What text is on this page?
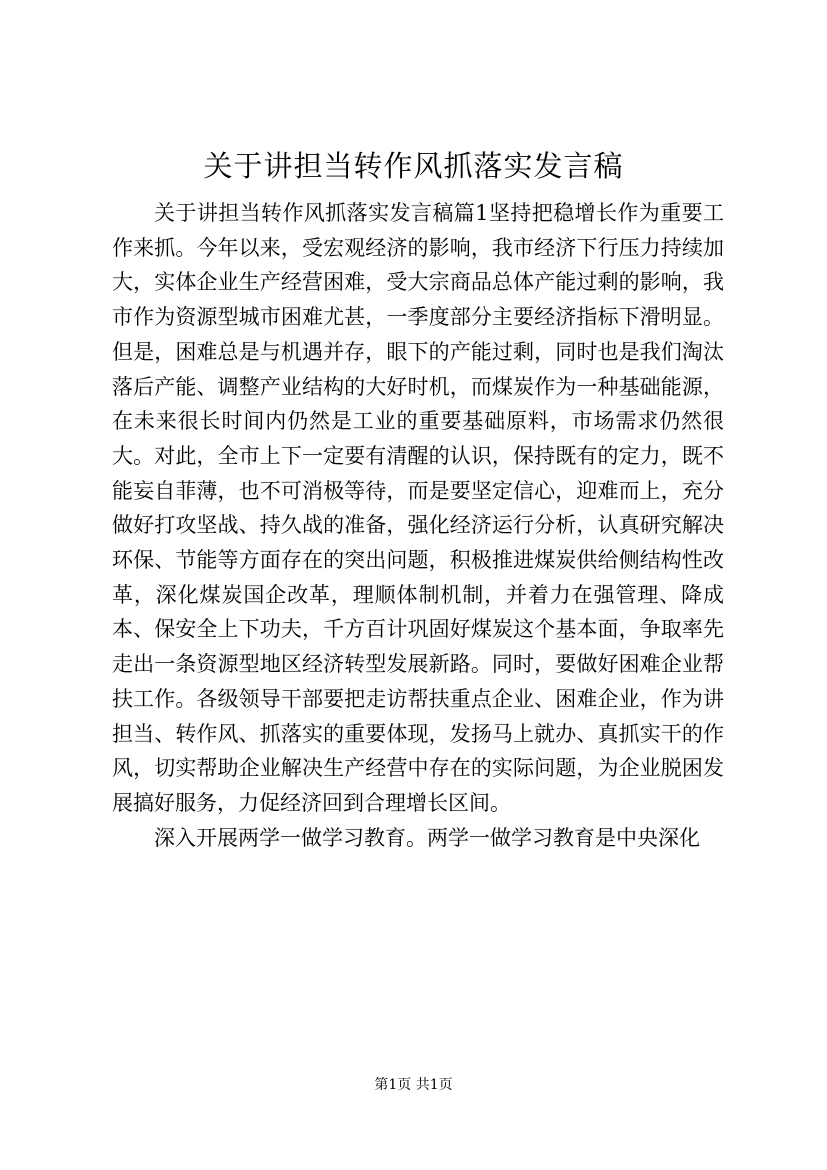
关于讲担当转作风抓落实发言稿

关于讲担当转作风抓落实发言稿篇1坚持把稳增长作为重要工作来抓。今年以来，受宏观经济的影响，我市经济下行压力持续加大，实体企业生产经营困难，受大宗商品总体产能过剩的影响，我市作为资源型城市困难尤甚，一季度部分主要经济指标下滑明显。但是，困难总是与机遇并存，眼下的产能过剩，同时也是我们淘汰落后产能、调整产业结构的大好时机，而煤炭作为一种基础能源，在未来很长时间内仍然是工业的重要基础原料，市场需求仍然很大。对此，全市上下一定要有清醒的认识，保持既有的定力，既不能妄自菲薄，也不可消极等待，而是要坚定信心，迎难而上，充分做好打攻坚战、持久战的准备，强化经济运行分析，认真研究解决环保、节能等方面存在的突出问题，积极推进煤炭供给侧结构性改革，深化煤炭国企改革，理顺体制机制，并着力在强管理、降成本、保安全上下功夫，千方百计巩固好煤炭这个基本面，争取率先走出一条资源型地区经济转型发展新路。同时，要做好困难企业帮扶工作。各级领导干部要把走访帮扶重点企业、困难企业，作为讲担当、转作风、抓落实的重要体现，发扬马上就办、真抓实干的作风，切实帮助企业解决生产经营中存在的实际问题，为企业脱困发展搞好服务，力促经济回到合理增长区间。

深入开展两学一做学习教育。两学一做学习教育是中央深化

第1页 共1页
